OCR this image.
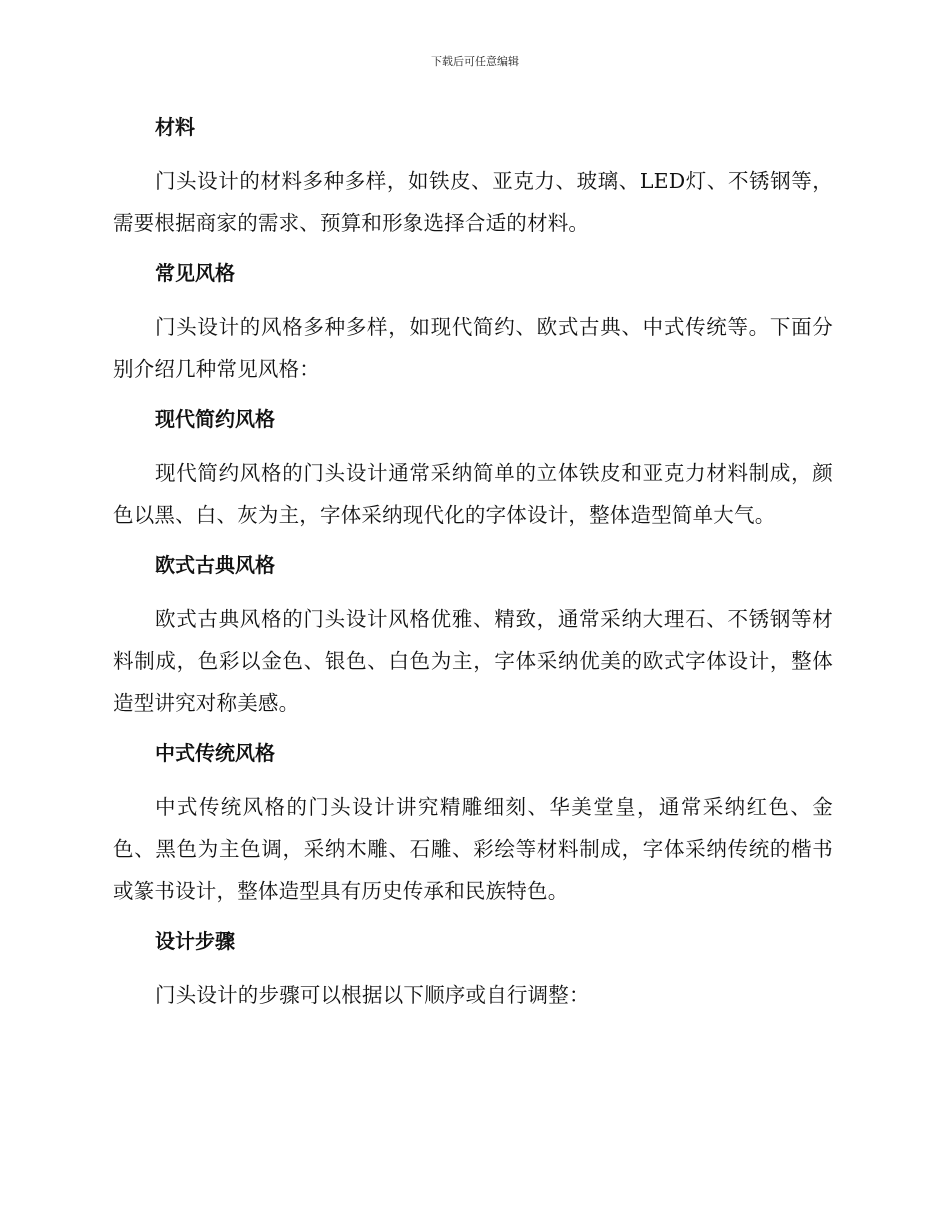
下载后可任意编辑
材料

门头设计的材料多种多样，如铁皮、亚克力、玻璃、LED灯、不锈钢等，需要根据商家的需求、预算和形象选择合适的材料。

常见风格

门头设计的风格多种多样，如现代简约、欧式古典、中式传统等。下面分别介绍几种常见风格：

现代简约风格

现代简约风格的门头设计通常采纳简单的立体铁皮和亚克力材料制成，颜色以黑、白、灰为主，字体采纳现代化的字体设计，整体造型简单大气。

欧式古典风格

欧式古典风格的门头设计风格优雅、精致，通常采纳大理石、不锈钢等材料制成，色彩以金色、银色、白色为主，字体采纳优美的欧式字体设计，整体造型讲究对称美感。

中式传统风格

中式传统风格的门头设计讲究精雕细刻、华美堂皇，通常采纳红色、金色、黑色为主色调，采纳木雕、石雕、彩绘等材料制成，字体采纳传统的楷书或篆书设计，整体造型具有历史传承和民族特色。

设计步骤

门头设计的步骤可以根据以下顺序或自行调整：
